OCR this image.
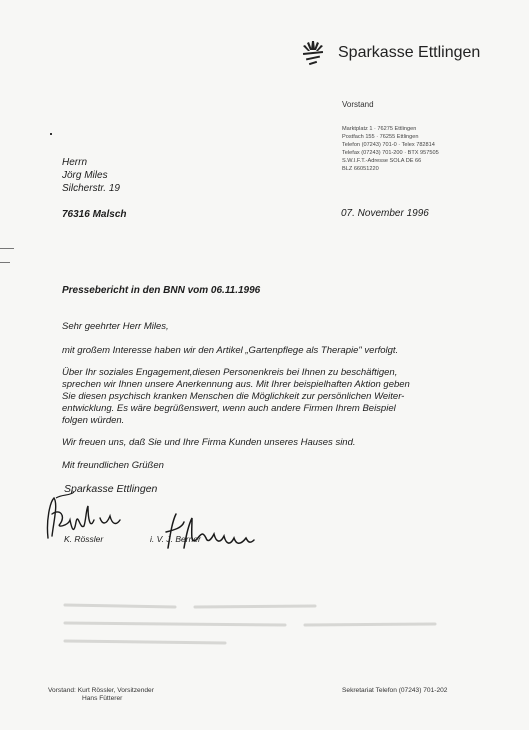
Sparkasse Ettlingen
Vorstand
Marktplatz 1 · 76275 Ettlingen
Postfach 155 · 76255 Ettlingen
Telefon (07243) 701-0 · Telex 782814
Telefax (07243) 701-200 · BTX 957505
S.W.I.F.T.-Adresse SOLA DE 66
BLZ 66051220
Herrn
Jörg Miles
Silcherstr. 19
76316 Malsch	07. November 1996
Pressebericht in den BNN vom 06.11.1996
Sehr geehrter Herr Miles,
mit großem Interesse haben wir den Artikel „Gartenpflege als Therapie" verfolgt.
Über Ihr soziales Engagement,diesen Personenkreis bei Ihnen zu beschäftigen,
sprechen wir Ihnen unsere Anerkennung aus. Mit Ihrer beispielhaften Aktion geben
Sie diesen psychisch kranken Menschen die Möglichkeit zur persönlichen Weiter-
entwicklung. Es wäre begrüßenswert, wenn auch andere Firmen Ihrem Beispiel
folgen würden.
Wir freuen uns, daß Sie und Ihre Firma Kunden unseres Hauses sind.
Mit freundlichen Grüßen
Sparkasse Ettlingen
K. Rössler	i. V. J. Berner
Vorstand: Kurt Rössler, Vorsitzender
Hans Fütterer
Sekretariat Telefon (07243) 701-202
